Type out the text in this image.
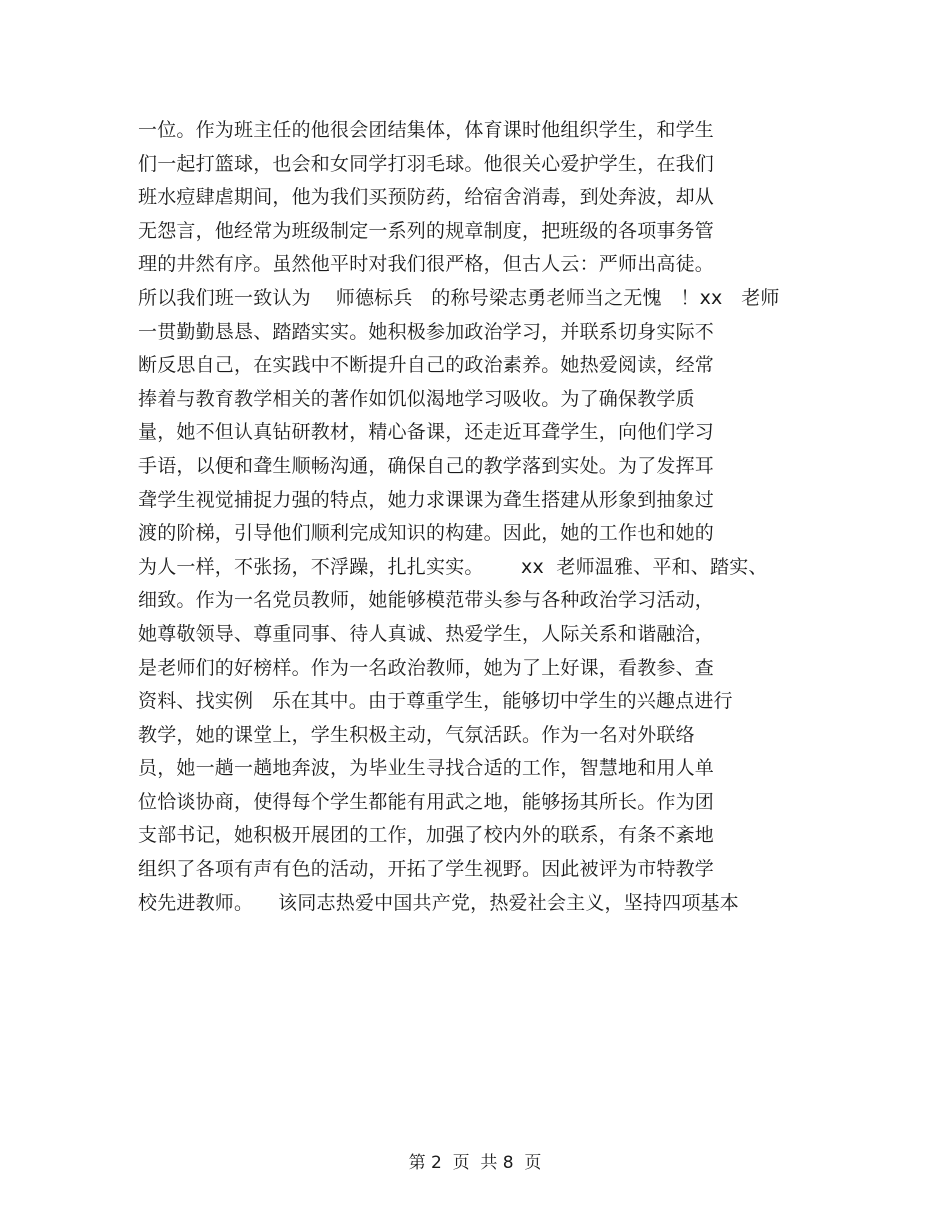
一位。作为班主任的他很会团结集体，体育课时他组织学生，和学生
们一起打篮球，也会和女同学打羽毛球。他很关心爱护学生，在我们
班水痘肆虐期间，他为我们买预防药，给宿舍消毒，到处奔波，却从
无怨言，他经常为班级制定一系列的规章制度，把班级的各项事务管
理的井然有序。虽然他平时对我们很严格，但古人云：严师出高徒。
所以我们班一致认为    师德标兵   的称号梁志勇老师当之无愧   ！xx   老师
一贯勤勤恳恳、踏踏实实。她积极参加政治学习，并联系切身实际不
断反思自己，在实践中不断提升自己的政治素养。她热爱阅读，经常
捧着与教育教学相关的著作如饥似渴地学习吸收。为了确保教学质
量，她不但认真钻研教材，精心备课，还走近耳聋学生，向他们学习
手语，以便和聋生顺畅沟通，确保自己的教学落到实处。为了发挥耳
聋学生视觉捕捉力强的特点，她力求课课为聋生搭建从形象到抽象过
渡的阶梯，引导他们顺利完成知识的构建。因此，她的工作也和她的
为人一样，不张扬，不浮躁，扎扎实实。      xx  老师温雅、平和、踏实、
细致。作为一名党员教师，她能够模范带头参与各种政治学习活动，
她尊敬领导、尊重同事、待人真诚、热爱学生，人际关系和谐融洽，
是老师们的好榜样。作为一名政治教师，她为了上好课，看教参、查
资料、找实例   乐在其中。由于尊重学生，能够切中学生的兴趣点进行
教学，她的课堂上，学生积极主动，气氛活跃。作为一名对外联络
员，她一趟一趟地奔波，为毕业生寻找合适的工作，智慧地和用人单
位恰谈协商，使得每个学生都能有用武之地，能够扬其所长。作为团
支部书记，她积极开展团的工作，加强了校内外的联系，有条不紊地
组织了各项有声有色的活动，开拓了学生视野。因此被评为市特教学
校先进教师。    该同志热爱中国共产党，热爱社会主义，坚持四项基本
第 2  页  共 8  页
